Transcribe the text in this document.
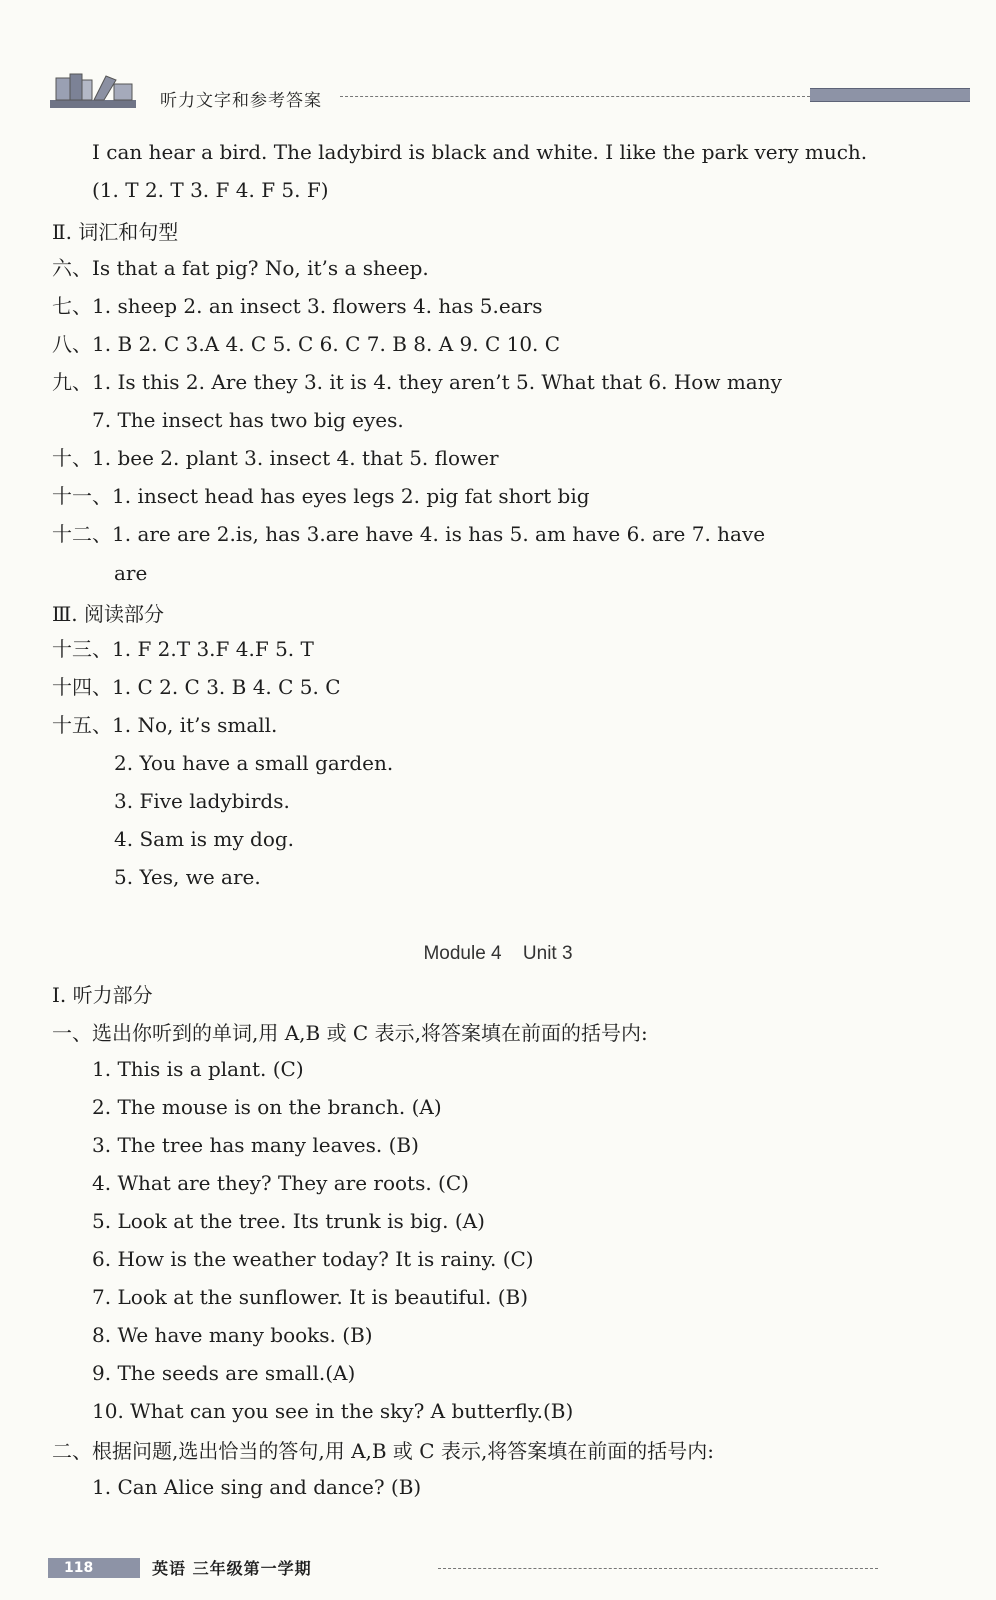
听力文字和参考答案
I can hear a bird. The ladybird is black and white. I like the park very much.
(1. T 2. T 3. F 4. F 5. F)
Ⅱ. 词汇和句型
六、Is that a fat pig? No, it’s a sheep.
七、1. sheep 2. an insect 3. flowers 4. has 5.ears
八、1. B 2. C 3.A 4. C 5. C 6. C 7. B 8. A 9. C 10. C
九、1. Is this 2. Are they 3. it is 4. they aren’t 5. What that 6. How many
7. The insect has two big eyes.
十、1. bee 2. plant 3. insect 4. that 5. flower
十一、1. insect head has eyes legs 2. pig fat short big
十二、1. are are 2.is, has 3.are have 4. is has 5. am have 6. are 7. have
are
Ⅲ. 阅读部分
十三、1. F 2.T 3.F 4.F 5. T
十四、1. C 2. C 3. B 4. C 5. C
十五、1. No, it’s small.
2. You have a small garden.
3. Five ladybirds.
4. Sam is my dog.
5. Yes, we are.
Ⅰ. 听力部分
一、选出你听到的单词,用 A,B 或 C 表示,将答案填在前面的括号内:
1. This is a plant. (C)
2. The mouse is on the branch. (A)
3. The tree has many leaves. (B)
4. What are they? They are roots. (C)
5. Look at the tree. Its trunk is big. (A)
6. How is the weather today? It is rainy. (C)
7. Look at the sunflower. It is beautiful. (B)
8. We have many books. (B)
9. The seeds are small.(A)
10. What can you see in the sky? A butterfly.(B)
二、根据问题,选出恰当的答句,用 A,B 或 C 表示,将答案填在前面的括号内:
1. Can Alice sing and dance? (B)
Module 4 Unit 3
118	英语 三年级第一学期
